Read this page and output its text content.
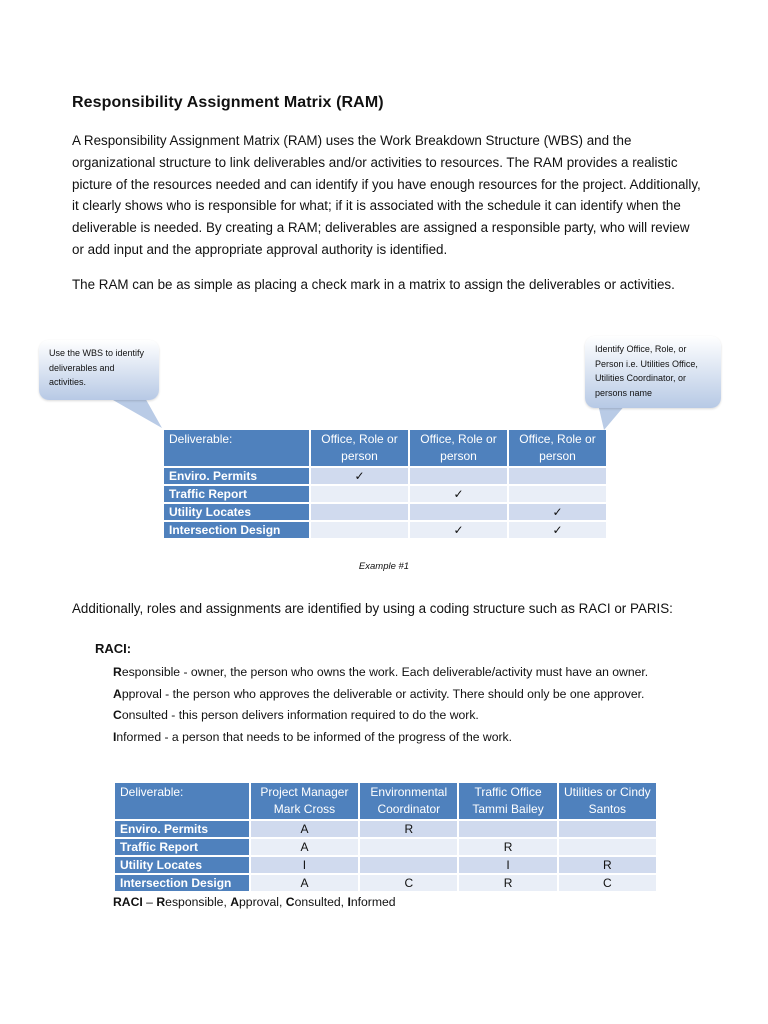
Responsibility Assignment Matrix (RAM)
A Responsibility Assignment Matrix (RAM) uses the Work Breakdown Structure (WBS) and the organizational structure to link deliverables and/or activities to resources. The RAM provides a realistic picture of the resources needed and can identify if you have enough resources for the project. Additionally, it clearly shows who is responsible for what; if it is associated with the schedule it can identify when the deliverable is needed. By creating a RAM; deliverables are assigned a responsible party, who will review or add input and the appropriate approval authority is identified.
The RAM can be as simple as placing a check mark in a matrix to assign the deliverables or activities.
Use the WBS to identify deliverables and activities.
Identify Office, Role, or Person i.e. Utilities Office, Utilities Coordinator, or persons name
Deliverable:	Office, Role or person	Office, Role or person	Office, Role or person
Enviro. Permits	✓		
Traffic Report		✓	
Utility Locates			✓
Intersection Design		✓	✓
Example #1
Additionally, roles and assignments are identified by using a coding structure such as RACI or PARIS:
RACI:
Responsible - owner, the person who owns the work. Each deliverable/activity must have an owner.
Approval - the person who approves the deliverable or activity. There should only be one approver.
Consulted - this person delivers information required to do the work.
Informed - a person that needs to be informed of the progress of the work.
Deliverable:	Project Manager Mark Cross	Environmental Coordinator	Traffic Office Tammi Bailey	Utilities or Cindy Santos
Enviro. Permits	A	R		
Traffic Report	A		R	
Utility Locates	I		I	R
Intersection Design	A	C	R	C
RACI – Responsible, Approval, Consulted, Informed
